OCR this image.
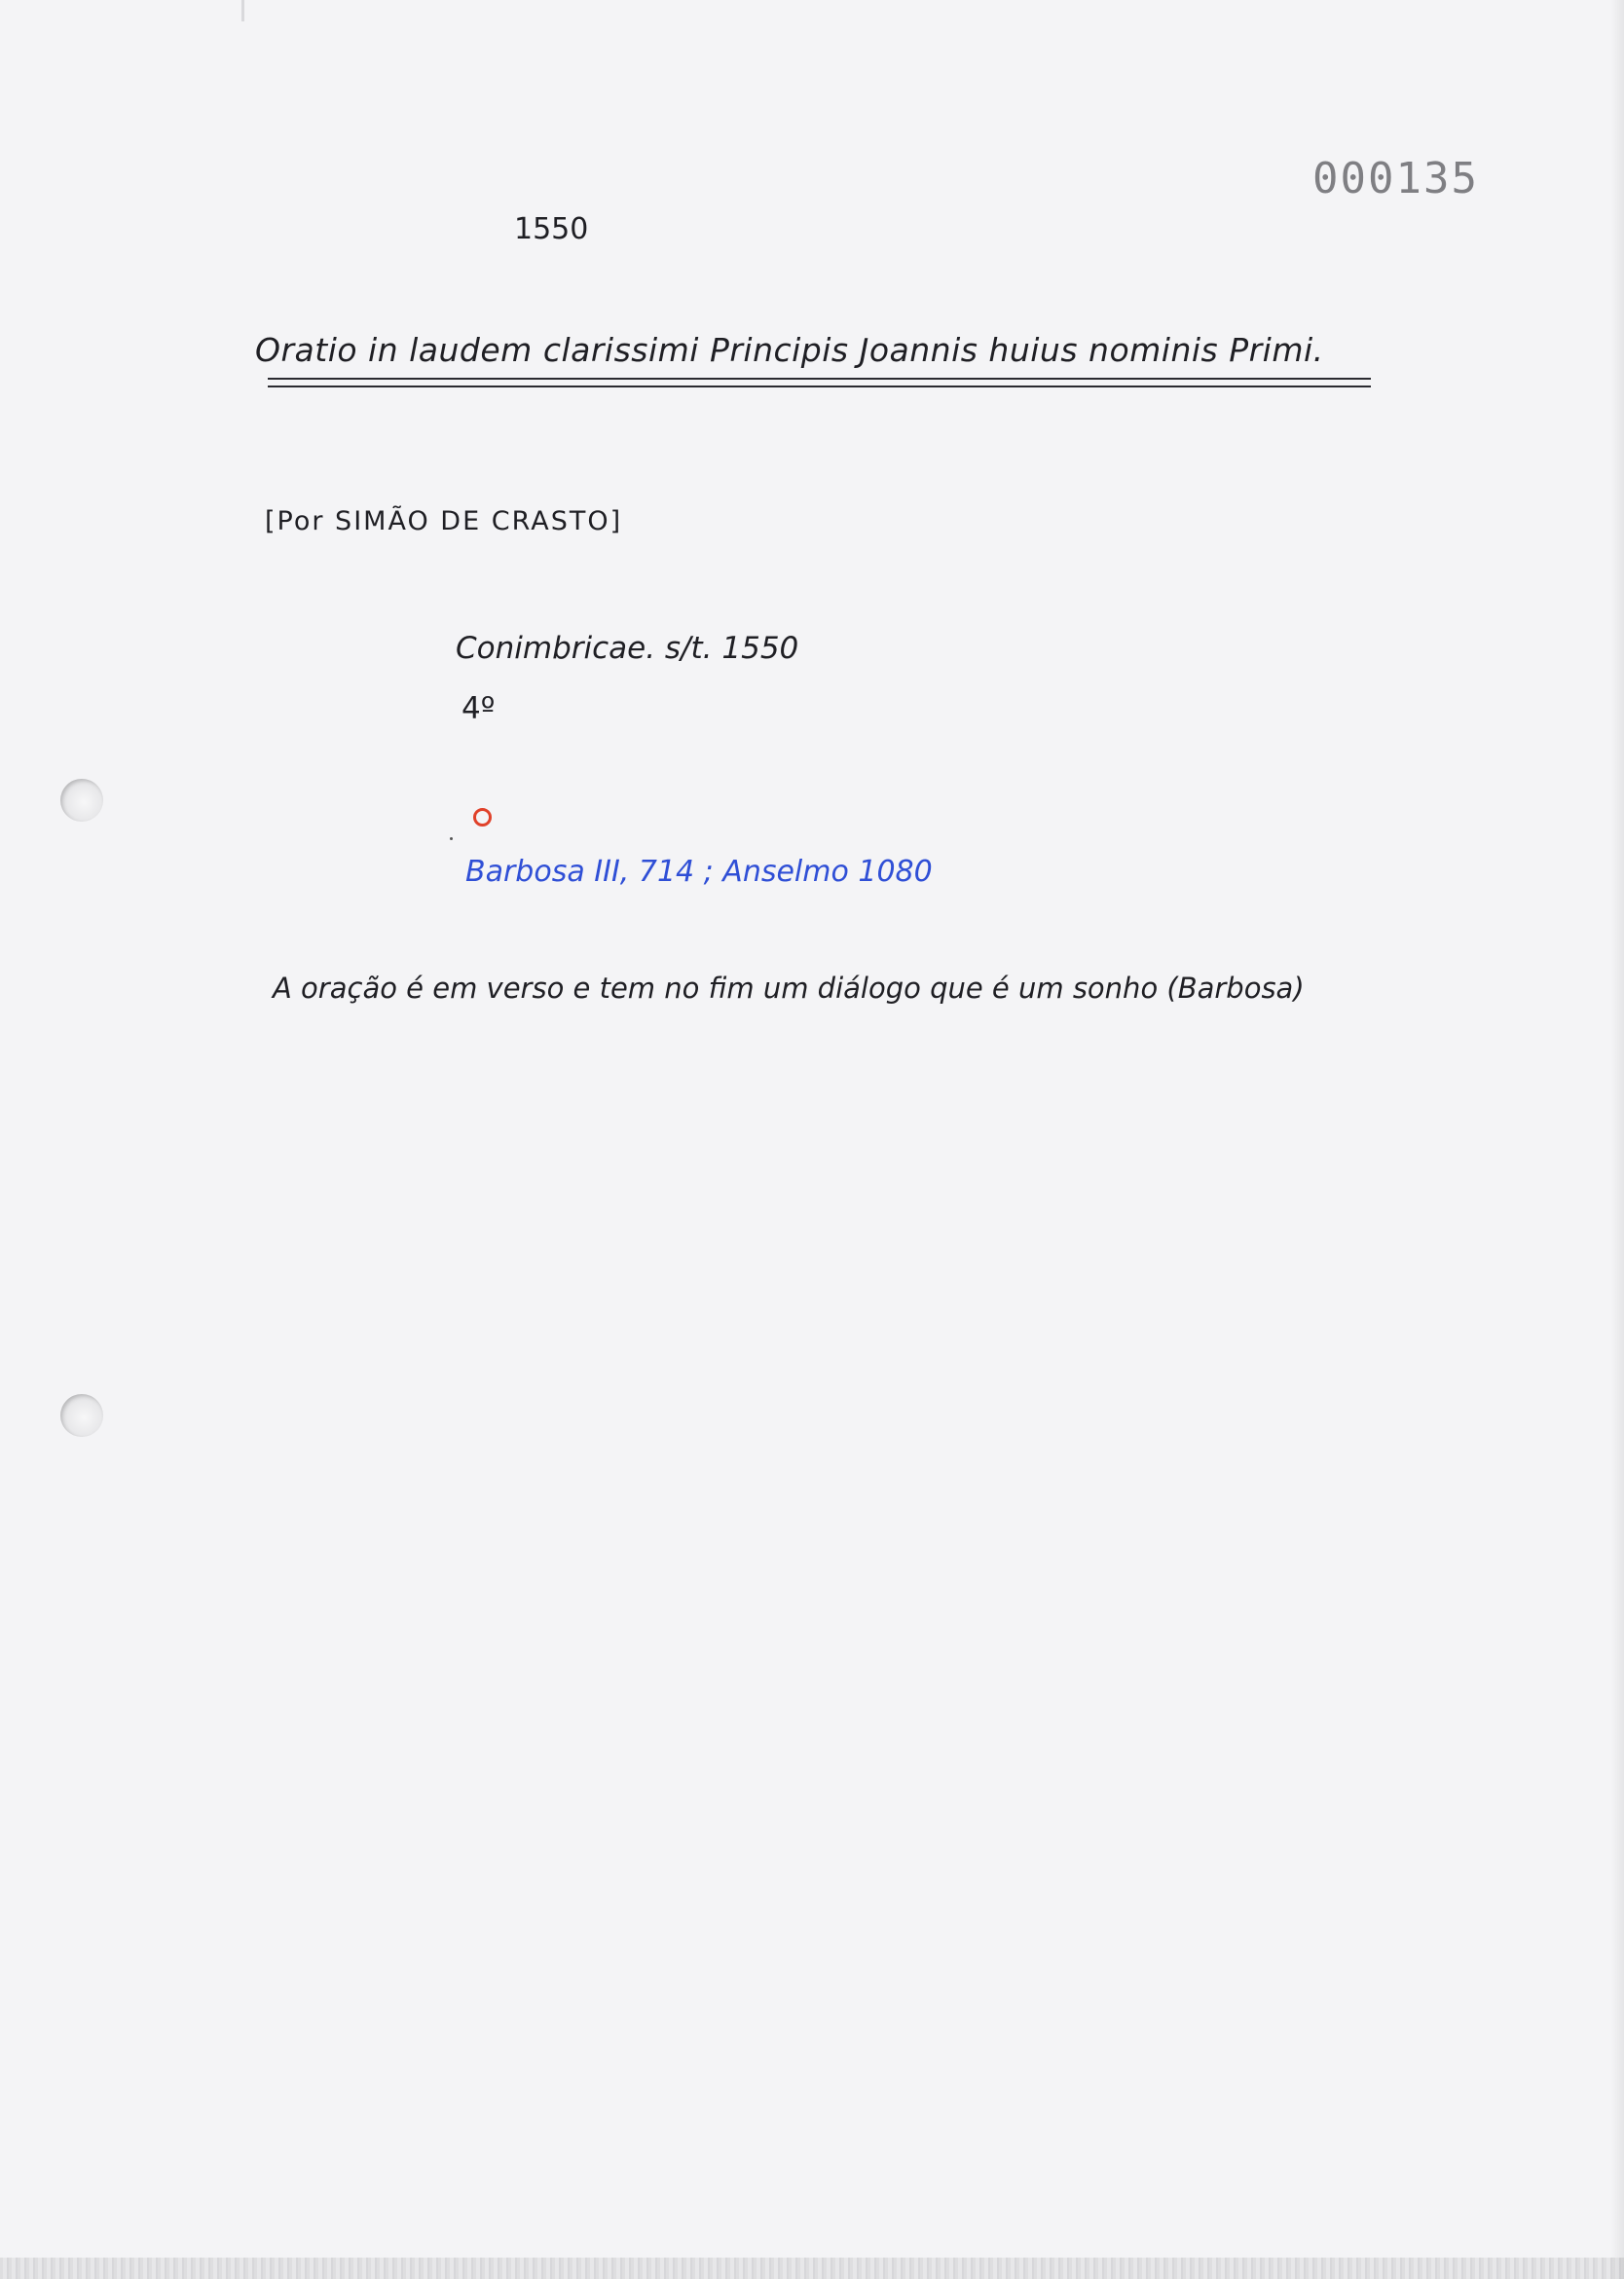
000135
1550
Oratio in laudem clarissimi Principis Joannis huius nominis Primi.
[Por SIMÃO DE CRASTO]
Conimbricae. s/t. 1550
4º
Barbosa III, 714 ; Anselmo 1080
A oração é em verso e tem no fim um diálogo que é um sonho (Barbosa)
